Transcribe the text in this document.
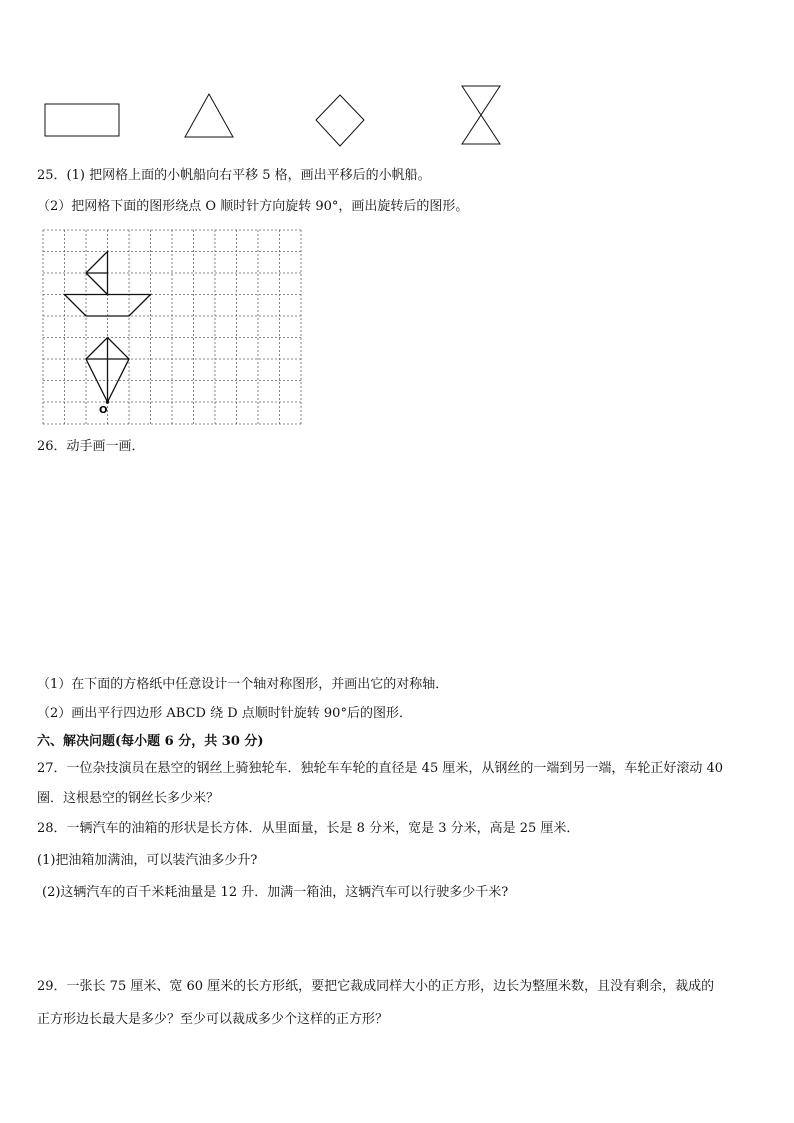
25．(1) 把网格上面的小帆船向右平移 5 格，画出平移后的小帆船。
（2）把网格下面的图形绕点 O 顺时针方向旋转 90°，画出旋转后的图形。
O
26．动手画一画．
（1）在下面的方格纸中任意设计一个轴对称图形，并画出它的对称轴．
（2）画出平行四边形 ABCD 绕 D 点顺时针旋转 90°后的图形．
六、解决问题(每小题 6 分，共 30 分)
27．一位杂技演员在悬空的钢丝上骑独轮车．独轮车车轮的直径是 45 厘米，从钢丝的一端到另一端，车轮正好滚动 40
圈．这根悬空的钢丝长多少米？
28．一辆汽车的油箱的形状是长方体．从里面量，长是 8 分米，宽是 3 分米，高是 25 厘米．
(1)把油箱加满油，可以装汽油多少升?
(2)这辆汽车的百千米耗油量是 12 升．加满一箱油，这辆汽车可以行驶多少千米?
29．一张长 75 厘米、宽 60 厘米的长方形纸，要把它裁成同样大小的正方形，边长为整厘米数，且没有剩余，裁成的
正方形边长最大是多少？至少可以裁成多少个这样的正方形？
